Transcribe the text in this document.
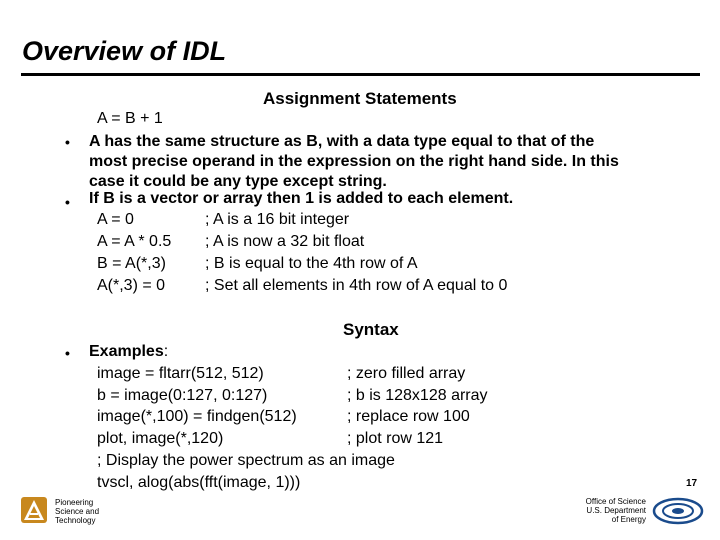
Overview of IDL
Assignment Statements
A = B + 1
• A has the same structure as B, with a data type equal to that of the
most precise operand in the expression on the right hand side. In this
case it could be any type except string.
• If B is a vector or array then 1 is added to each element.
A = 0	; A is a 16 bit integer
A = A * 0.5 ; A is now a 32 bit float
B = A(*,3) ; B is equal to the 4th row of A
A(*,3) = 0 ; Set all elements in 4th row of A equal to 0
Syntax
• Examples:
image = fltarr(512, 512)	; zero filled array
b = image(0:127, 0:127)	; b is 128x128 array
image(*,100) = findgen(512)	; replace row 100
plot, image(*,120)	; plot row 121
; Display the power spectrum as an image
tvscl, alog(abs(fft(image, 1)))	17
Pioneering
Science and
Technology
Office of Science
U.S. Department
of Energy
